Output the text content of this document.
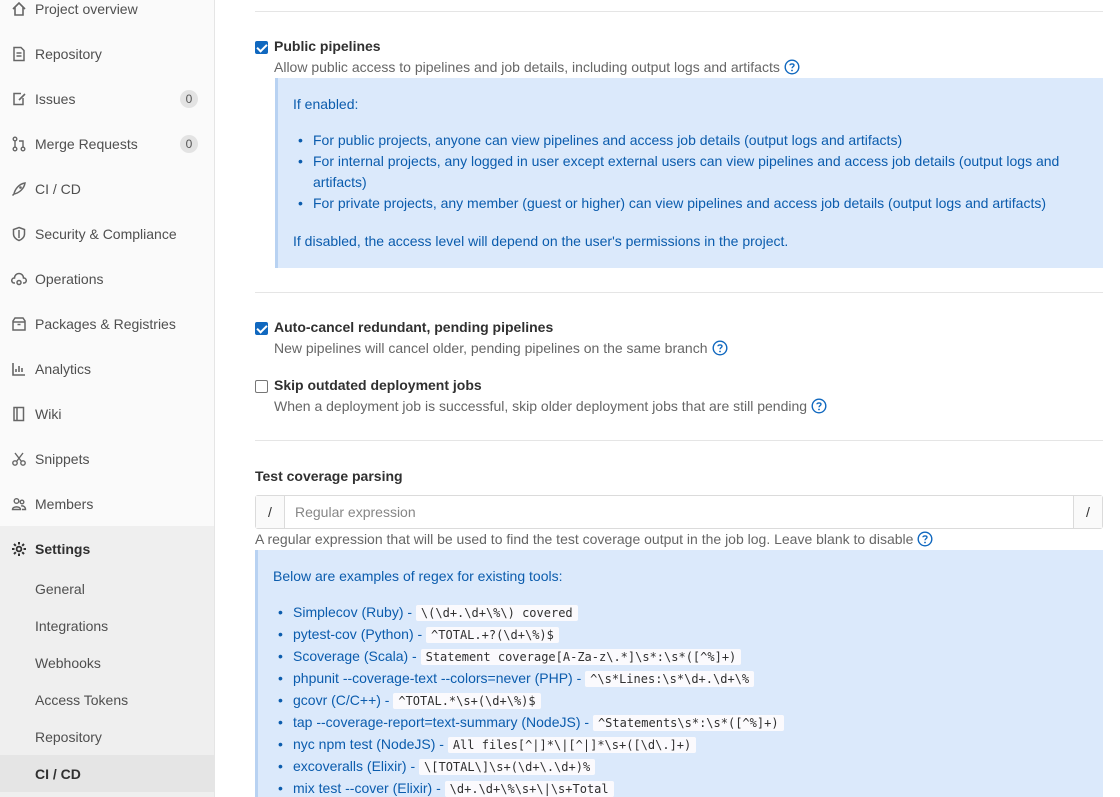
Project overview
Repository
Issues	0
Merge Requests	0
CI / CD
Security & Compliance
Operations
Packages & Registries
Analytics
Wiki
Snippets
Members
Settings
General
Integrations
Webhooks
Access Tokens
Repository
CI / CD
Public pipelines
Allow public access to pipelines and job details, including output logs and artifacts

If enabled:

• For public projects, anyone can view pipelines and access job details (output logs and artifacts)
• For internal projects, any logged in user except external users can view pipelines and access job details (output logs and artifacts)
• For private projects, any member (guest or higher) can view pipelines and access job details (output logs and artifacts)

If disabled, the access level will depend on the user's permissions in the project.

Auto-cancel redundant, pending pipelines
New pipelines will cancel older, pending pipelines on the same branch
Skip outdated deployment jobs
When a deployment job is successful, skip older deployment jobs that are still pending
Test coverage parsing
/	Regular expression	/
A regular expression that will be used to find the test coverage output in the job log. Leave blank to disable

Below are examples of regex for existing tools:

• Simplecov (Ruby) - \(\d+.\d+\%\) covered
• pytest-cov (Python) - ^TOTAL.+?(\d+\%)$
• Scoverage (Scala) - Statement coverage[A-Za-z\.*]\s*:\s*([^%]+)
• phpunit --coverage-text --colors=never (PHP) - ^\s*Lines:\s*\d+.\d+\%
• gcovr (C/C++) - ^TOTAL.*\s+(\d+\%)$
• tap --coverage-report=text-summary (NodeJS) - ^Statements\s*:\s*([^%]+)
• nyc npm test (NodeJS) - All files[^|]*\|[^|]*\s+([\d\.]+)
• excoveralls (Elixir) - \[TOTAL\]\s+(\d+\.\d+)%
• mix test --cover (Elixir) - \d+.\d+\%\s+\|\s+Total
